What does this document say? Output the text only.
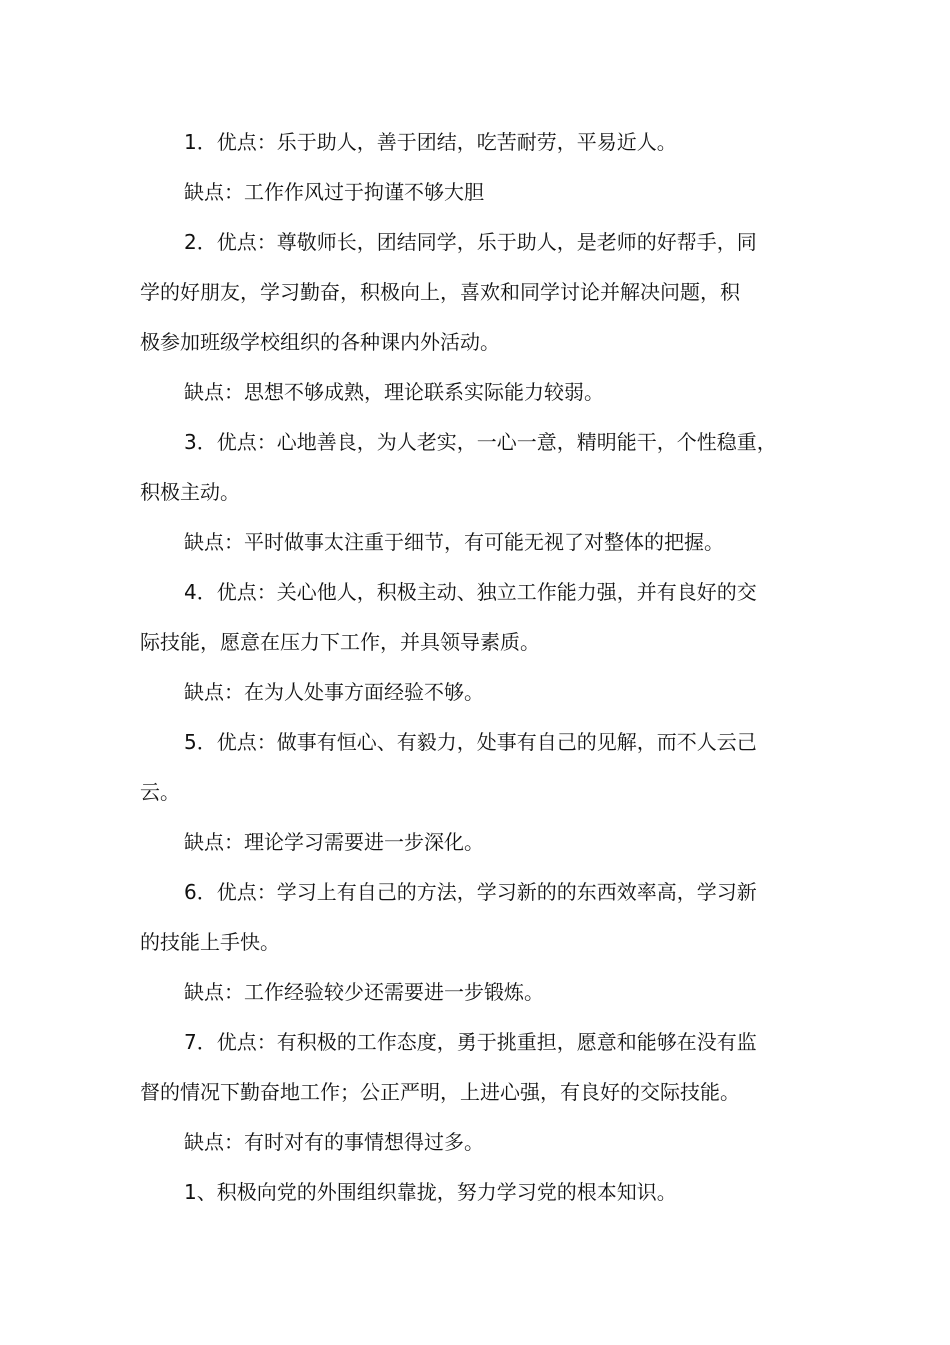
1．优点：乐于助人，善于团结，吃苦耐劳，平易近人。
缺点：工作作风过于拘谨不够大胆
2．优点：尊敬师长，团结同学，乐于助人，是老师的好帮手，同
学的好朋友，学习勤奋，积极向上，喜欢和同学讨论并解决问题，积
极参加班级学校组织的各种课内外活动。
缺点：思想不够成熟，理论联系实际能力较弱。
3．优点：心地善良，为人老实，一心一意，精明能干，个性稳重，
积极主动。
缺点：平时做事太注重于细节，有可能无视了对整体的把握。
4．优点：关心他人，积极主动、独立工作能力强，并有良好的交
际技能，愿意在压力下工作，并具领导素质。
缺点：在为人处事方面经验不够。
5．优点：做事有恒心、有毅力，处事有自己的见解，而不人云己
云。
缺点：理论学习需要进一步深化。
6．优点：学习上有自己的方法，学习新的的东西效率高，学习新
的技能上手快。
缺点：工作经验较少还需要进一步锻炼。
7．优点：有积极的工作态度，勇于挑重担，愿意和能够在没有监
督的情况下勤奋地工作；公正严明，上进心强，有良好的交际技能。
缺点：有时对有的事情想得过多。
1、积极向党的外围组织靠拢，努力学习党的根本知识。
